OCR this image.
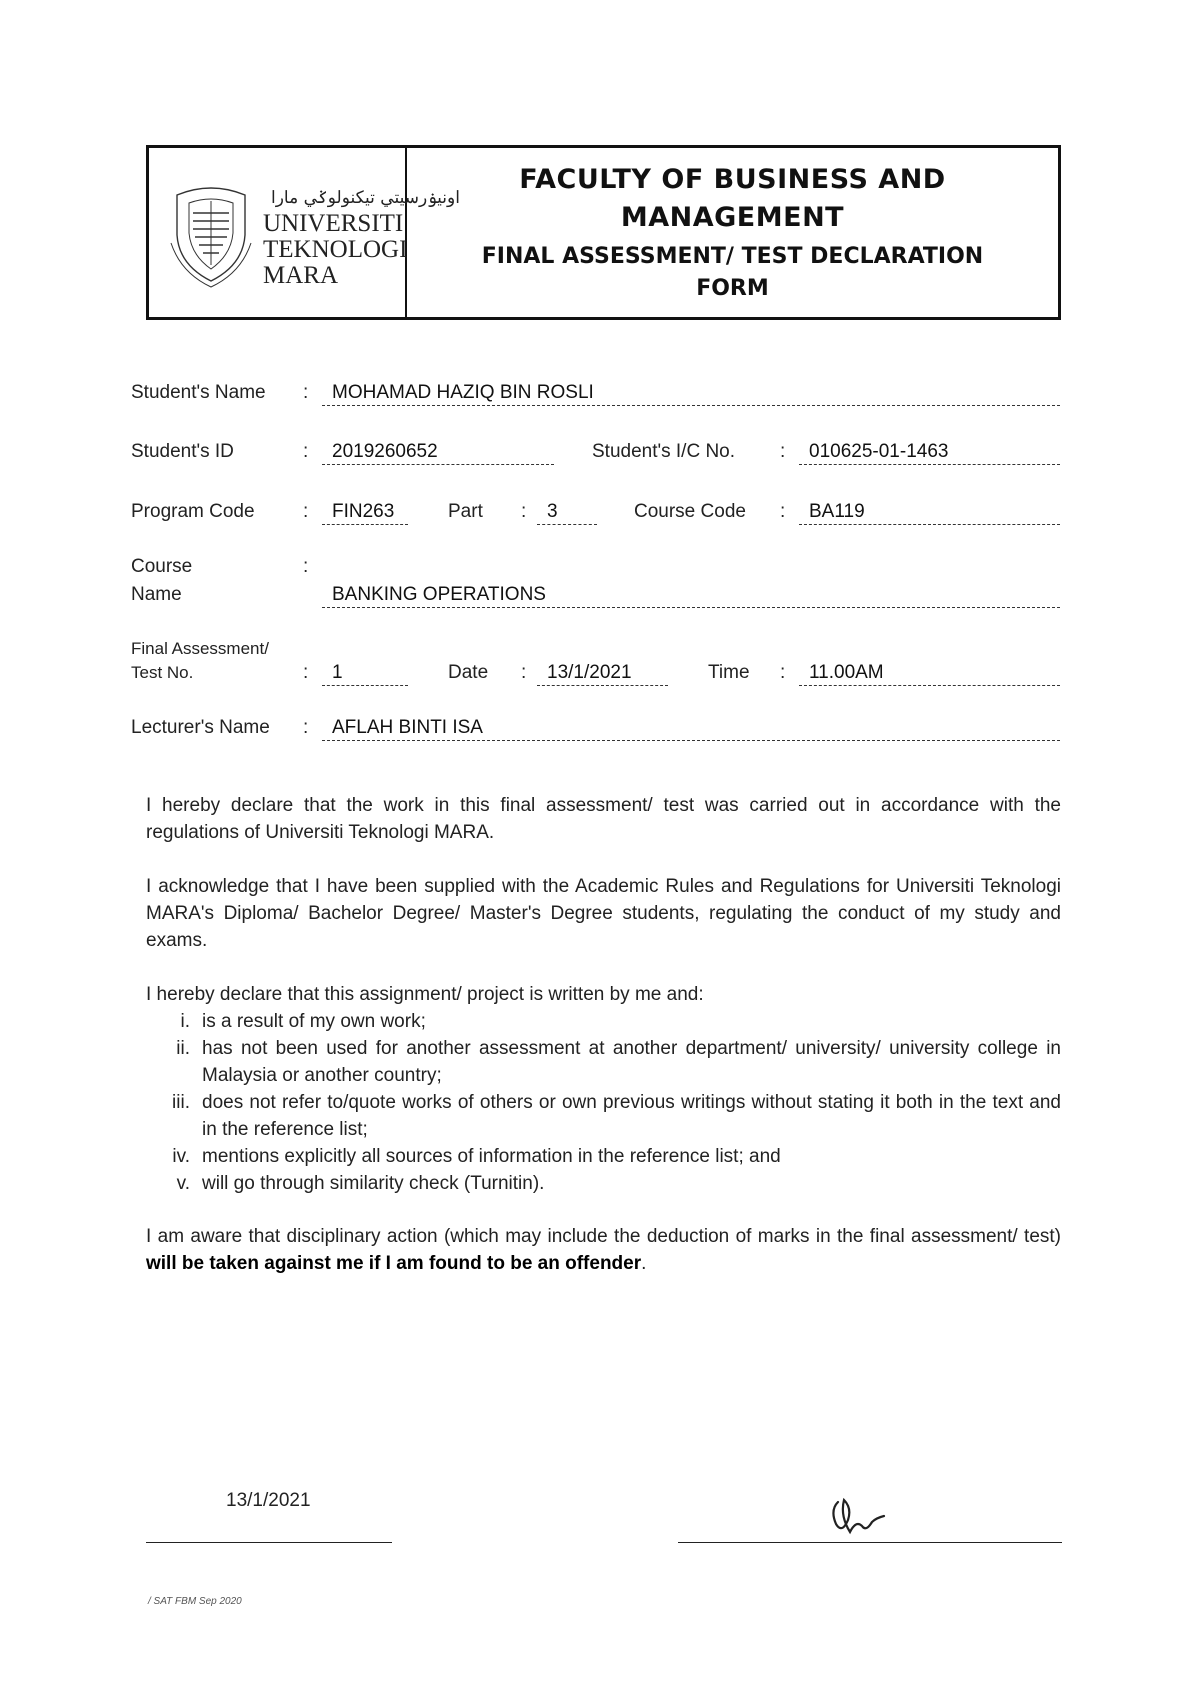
اونيۏرسيتي تيكنولوݢي مارا
UNIVERSITI
TEKNOLOGI
MARA
FACULTY OF BUSINESS AND
MANAGEMENT
FINAL ASSESSMENT/ TEST DECLARATION
FORM
Student's Name :	MOHAMAD HAZIQ BIN ROSLI
Student's ID	:	2019260652	Student's I/C No. :	010625-01-1463
Program Code	:	FIN263	Part :	3	Course Code :	BA119
Course	:
Name	BANKING OPERATIONS
Final Assessment/
Test No.	:	1	Date :	13/1/2021	Time :	11.00AM
Lecturer's Name :	AFLAH BINTI ISA
I hereby declare that the work in this final assessment/ test was carried out in accordance with the regulations of Universiti Teknologi MARA.
I acknowledge that I have been supplied with the Academic Rules and Regulations for Universiti Teknologi MARA's Diploma/ Bachelor Degree/ Master's Degree students, regulating the conduct of my study and exams.
I hereby declare that this assignment/ project is written by me and:
i. is a result of my own work;
ii. has not been used for another assessment at another department/ university/ university college in Malaysia or another country;
iii. does not refer to/quote works of others or own previous writings without stating it both in the text and in the reference list;
iv. mentions explicitly all sources of information in the reference list; and
v. will go through similarity check (Turnitin).
I am aware that disciplinary action (which may include the deduction of marks in the final assessment/ test) will be taken against me if I am found to be an offender.
13/1/2021
/ SAT FBM Sep 2020
